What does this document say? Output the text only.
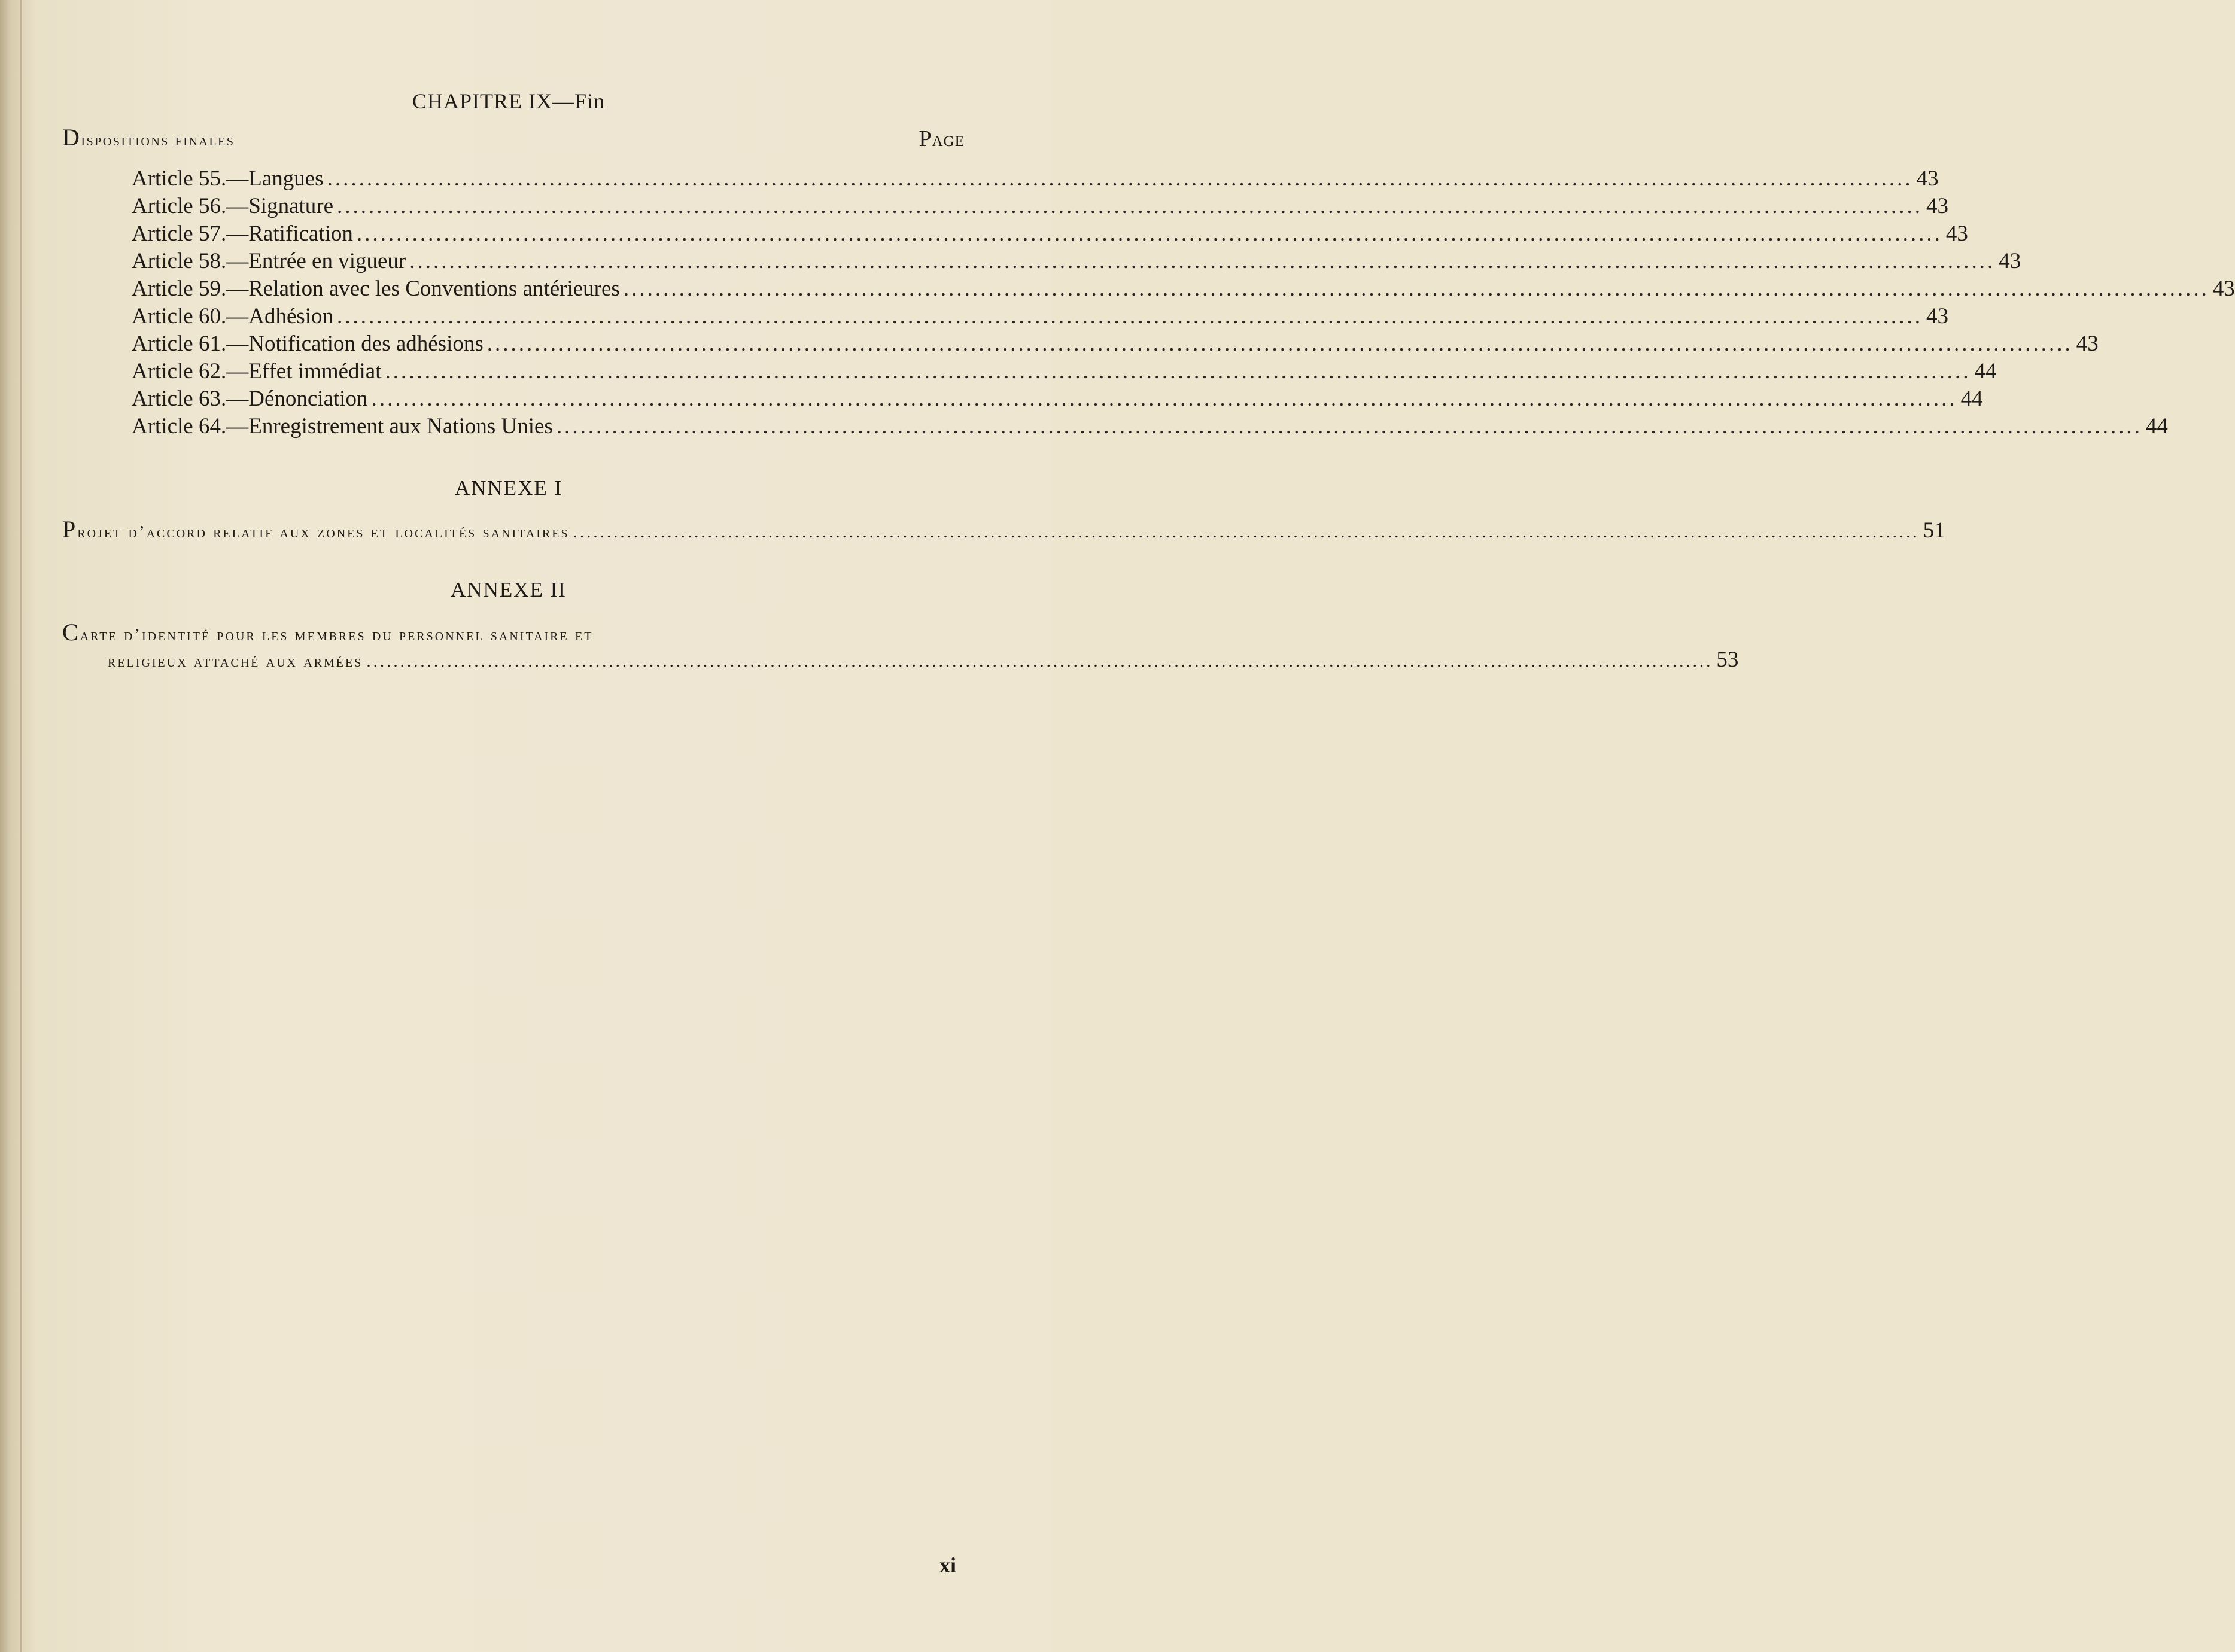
CHAPITRE IX—Fin
Dispositions finales	Page
Article 55.—Langues ........................................................................................................................................................................................................ 43
Article 56.—Signature ........................................................................................................................................................................................................ 43
Article 57.—Ratification ........................................................................................................................................................................................................ 43
Article 58.—Entrée en vigueur ........................................................................................................................................................................................................ 43
Article 59.—Relation avec les Conventions antérieures ........................................................................................................................................................................................................ 43
Article 60.—Adhésion ........................................................................................................................................................................................................ 43
Article 61.—Notification des adhésions ........................................................................................................................................................................................................ 43
Article 62.—Effet immédiat ........................................................................................................................................................................................................ 44
Article 63.—Dénonciation ........................................................................................................................................................................................................ 44
Article 64.—Enregistrement aux Nations Unies ........................................................................................................................................................................................................ 44
ANNEXE I
Projet d’accord relatif aux zones et localités sanitaires ........................................................................................................................................................................................................ 51
ANNEXE II
Carte d’identité pour les membres du personnel sanitaire et
religieux attaché aux armées ........................................................................................................................................................................................................ 53
xi
